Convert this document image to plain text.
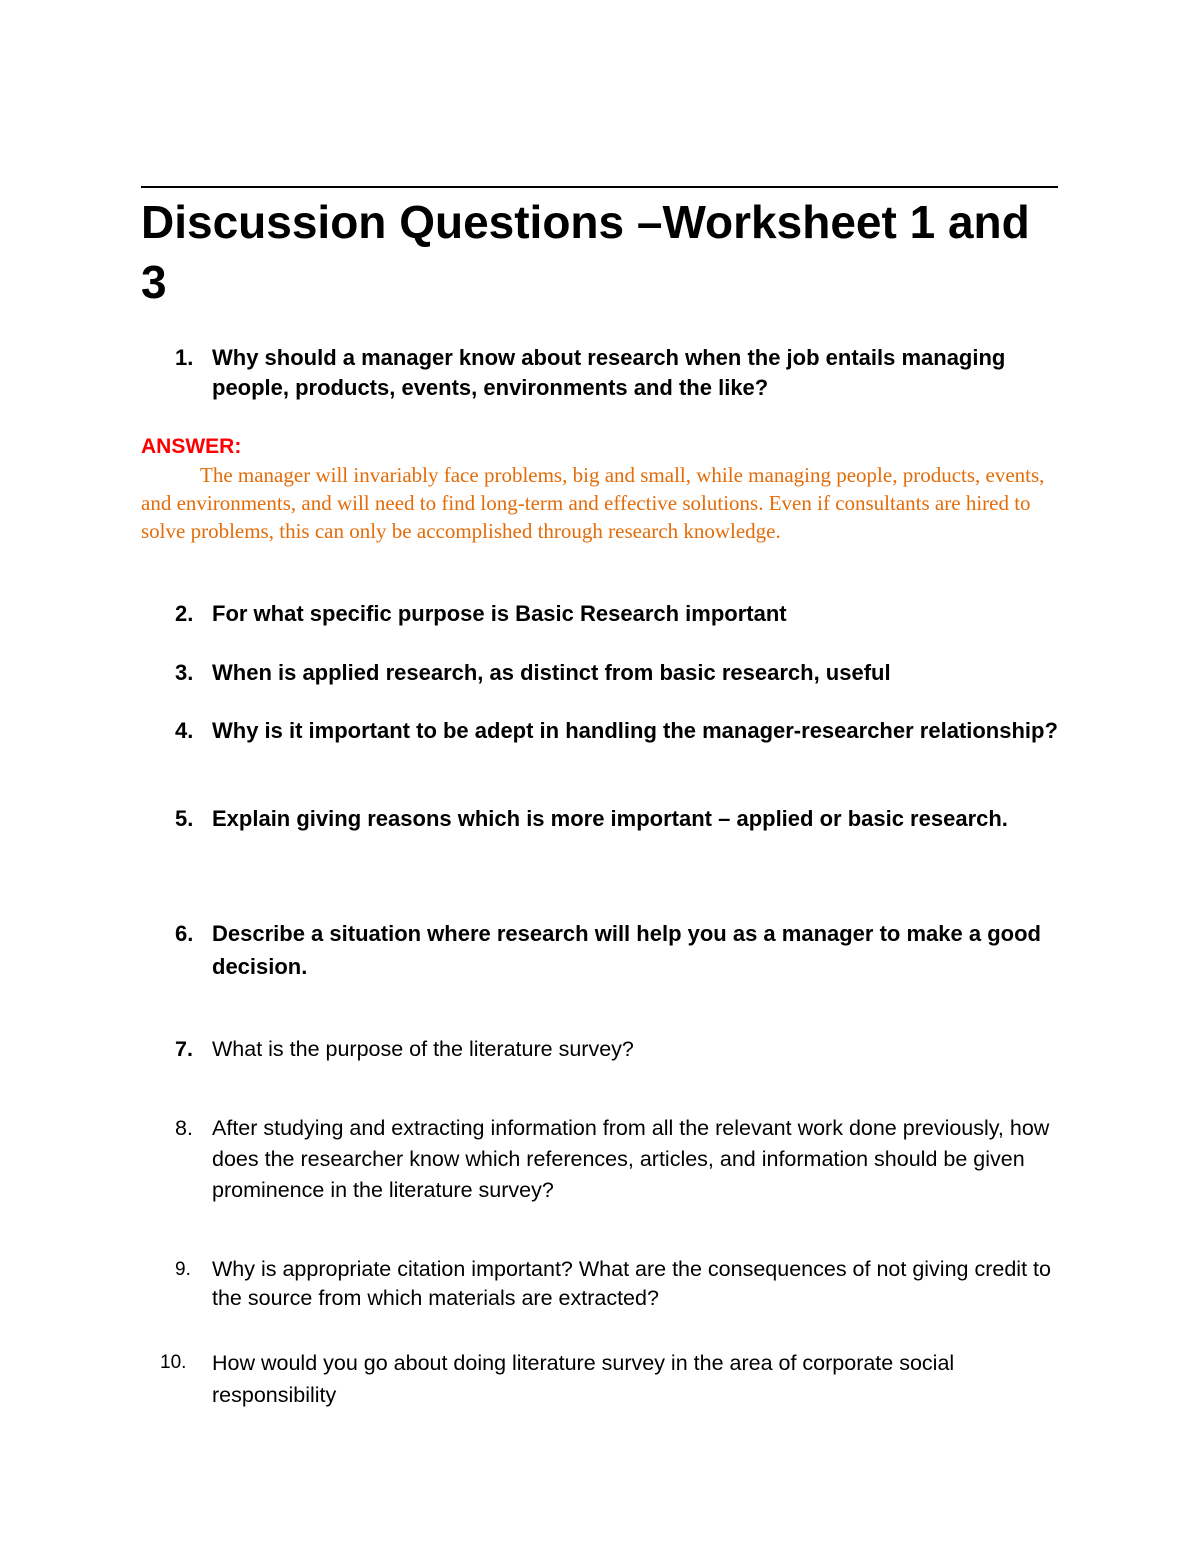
Discussion Questions –Worksheet 1 and 3
1. Why should a manager know about research when the job entails managing people, products, events, environments and the like?
ANSWER:

The manager will invariably face problems, big and small, while managing people, products, events, and environments, and will need to find long-term and effective solutions. Even if consultants are hired to solve problems, this can only be accomplished through research knowledge.

2. For what specific purpose is Basic Research important
3. When is applied research, as distinct from basic research, useful
4. Why is it important to be adept in handling the manager-researcher relationship?
5. Explain giving reasons which is more important – applied or basic research.
6. Describe a situation where research will help you as a manager to make a good decision.
7. What is the purpose of the literature survey?
8. After studying and extracting information from all the relevant work done previously, how does the researcher know which references, articles, and information should be given prominence in the literature survey?
9. Why is appropriate citation important? What are the consequences of not giving credit to the source from which materials are extracted?
10. How would you go about doing literature survey in the area of corporate social responsibility
